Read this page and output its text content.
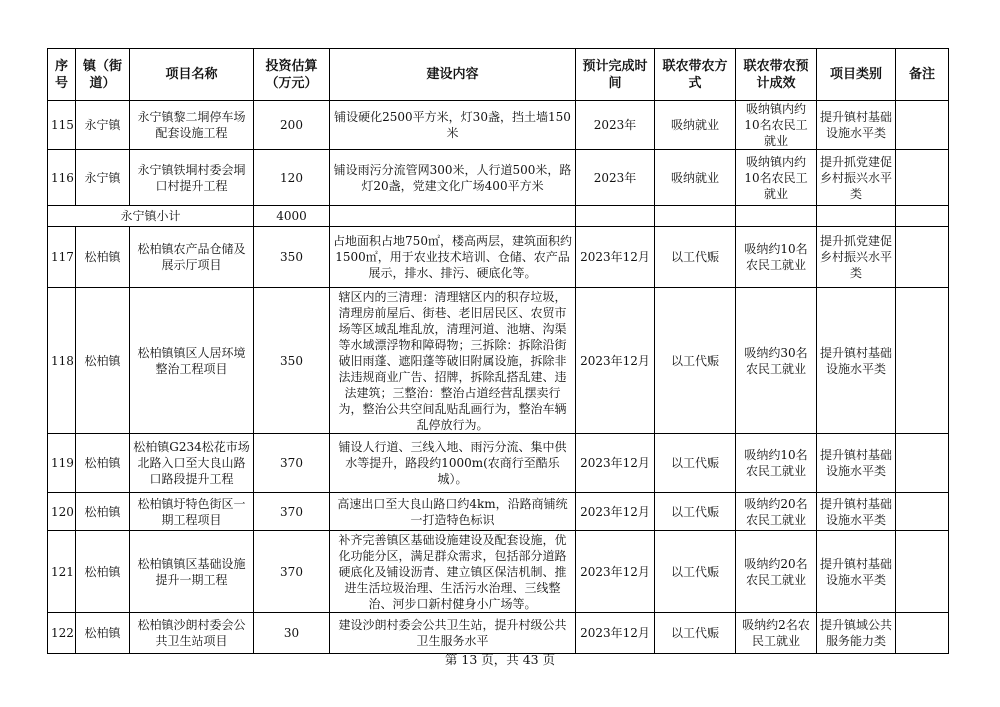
序号	镇（街道）	项目名称	投资估算（万元）	建设内容	预计完成时间	联农带农方式	联农带农预计成效	项目类别	备注
115	永宁镇	永宁镇黎二垌停车场配套设施工程	200	铺设硬化2500平方米，灯30盏，挡土墙150米	2023年	吸纳就业	吸纳镇内约10名农民工就业	提升镇村基础设施水平类	
116	永宁镇	永宁镇铁垌村委会垌口村提升工程	120	铺设雨污分流管网300米，人行道500米，路灯20盏，党建文化广场400平方米	2023年	吸纳就业	吸纳镇内约10名农民工就业	提升抓党建促乡村振兴水平类	
永宁镇小计			4000						
117	松柏镇	松柏镇农产品仓储及展示厅项目	350	占地面积占地750㎡，楼高两层，建筑面积约1500㎡，用于农业技术培训、仓储、农产品展示，排水、排污、硬底化等。	2023年12月	以工代赈	吸纳约10名农民工就业	提升抓党建促乡村振兴水平类	
118	松柏镇	松柏镇镇区人居环境整治工程项目	350	辖区内的三清理：清理辖区内的积存垃圾，清理房前屋后、街巷、老旧居民区、农贸市场等区域乱堆乱放，清理河道、池塘、沟渠等水域漂浮物和障碍物；三拆除：拆除沿街破旧雨蓬、遮阳蓬等破旧附属设施，拆除非法违规商业广告、招牌，拆除乱搭乱建、违法建筑；三整治：整治占道经营乱摆卖行为，整治公共空间乱贴乱画行为，整治车辆乱停放行为。	2023年12月	以工代赈	吸纳约30名农民工就业	提升镇村基础设施水平类	
119	松柏镇	松柏镇G234松花市场北路入口至大良山路口路段提升工程	370	铺设人行道、三线入地、雨污分流、集中供水等提升，路段约1000m(农商行至酷乐城）。	2023年12月	以工代赈	吸纳约10名农民工就业	提升镇村基础设施水平类	
120	松柏镇	松柏镇圩特色街区一期工程项目	370	高速出口至大良山路口约4km，沿路商铺统一打造特色标识	2023年12月	以工代赈	吸纳约20名农民工就业	提升镇村基础设施水平类	
121	松柏镇	松柏镇镇区基础设施提升一期工程	370	补齐完善镇区基础设施建设及配套设施，优化功能分区，满足群众需求，包括部分道路硬底化及铺设沥青、建立镇区保洁机制、推进生活垃圾治理、生活污水治理、三线整治、河步口新村健身小广场等。	2023年12月	以工代赈	吸纳约20名农民工就业	提升镇村基础设施水平类	
122	松柏镇	松柏镇沙朗村委会公共卫生站项目	30	建设沙朗村委会公共卫生站，提升村级公共卫生服务水平	2023年12月	以工代赈	吸纳约2名农民工就业	提升镇域公共服务能力类	
第 13 页，共 43 页
